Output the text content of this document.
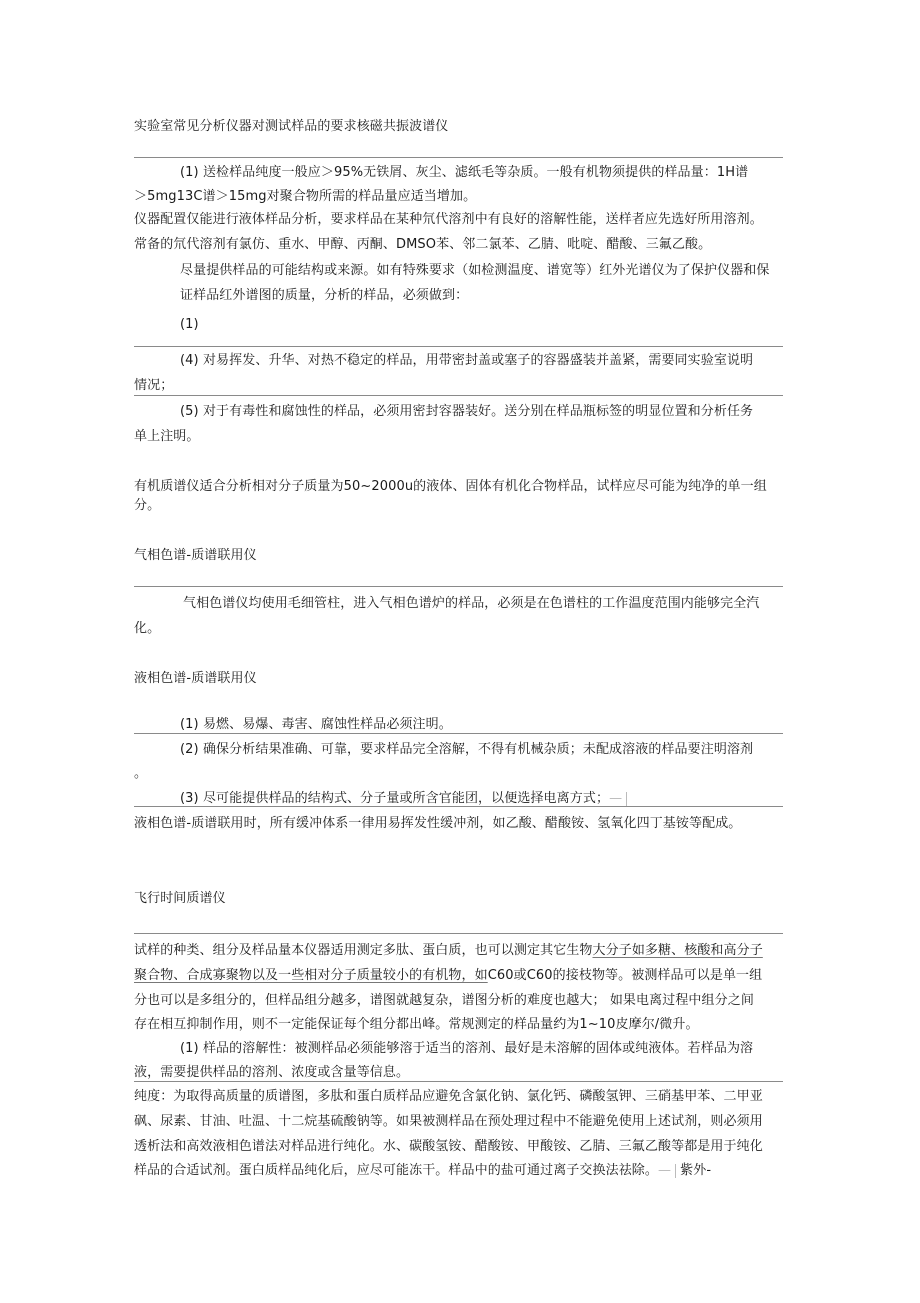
实验室常见分析仪器对测试样品的要求核磁共振波谱仪
(1) 送检样品纯度一般应＞95%无铁屑、灰尘、滤纸毛等杂质。一般有机物须提供的样品量：1H谱
＞5mg13C谱＞15mg对聚合物所需的样品量应适当增加。
仪器配置仅能进行液体样品分析，要求样品在某种氘代溶剂中有良好的溶解性能，送样者应先选好所用溶剂。
常备的氘代溶剂有氯仿、重水、甲醇、丙酮、DMSO苯、邻二氯苯、乙腈、吡啶、醋酸、三氟乙酸。
尽量提供样品的可能结构或来源。如有特殊要求（如检测温度、谱宽等）红外光谱仪为了保护仪器和保
证样品红外谱图的质量，分析的样品，必须做到：
(1)
(4) 对易挥发、升华、对热不稳定的样品，用带密封盖或塞子的容器盛装并盖紧，需要同实验室说明
情况；
(5) 对于有毒性和腐蚀性的样品，必须用密封容器装好。送分别在样品瓶标签的明显位置和分析任务
单上注明。
有机质谱仪适合分析相对分子质量为50~2000u的液体、固体有机化合物样品，试样应尽可能为纯净的单一组
分。
气相色谱-质谱联用仪
气相色谱仪均使用毛细管柱，进入气相色谱炉的样品，必须是在色谱柱的工作温度范围内能够完全汽
化。
液相色谱-质谱联用仪
(1) 易燃、易爆、毒害、腐蚀性样品必须注明。
(2) 确保分析结果准确、可靠，要求样品完全溶解，不得有机械杂质；未配成溶液的样品要注明溶剂
。
(3) 尽可能提供样品的结构式、分子量或所含官能团，以便选择电离方式；—
液相色谱-质谱联用时，所有缓冲体系一律用易挥发性缓冲剂，如乙酸、醋酸铵、氢氧化四丁基铵等配成。
飞行时间质谱仪
试样的种类、组分及样品量本仪器适用测定多肽、蛋白质，也可以测定其它生物大分子如多糖、核酸和高分子
聚合物、合成寡聚物以及一些相对分子质量较小的有机物，如C60或C60的接枝物等。被测样品可以是单一组
分也可以是多组分的，但样品组分越多，谱图就越复杂，谱图分析的难度也越大； 如果电离过程中组分之间
存在相互抑制作用，则不一定能保证每个组分都出峰。常规测定的样品量约为1~10皮摩尔/微升。
(1) 样品的溶解性：被测样品必须能够溶于适当的溶剂、最好是未溶解的固体或纯液体。若样品为溶
液，需要提供样品的溶剂、浓度或含量等信息。
纯度：为取得高质量的质谱图，多肽和蛋白质样品应避免含氯化钠、氯化钙、磷酸氢钾、三硝基甲苯、二甲亚
砜、尿素、甘油、吐温、十二烷基硫酸钠等。如果被测样品在预处理过程中不能避免使用上述试剂，则必须用
透析法和高效液相色谱法对样品进行纯化。水、碳酸氢铵、醋酸铵、甲酸铵、乙腈、三氟乙酸等都是用于纯化
样品的合适试剂。蛋白质样品纯化后，应尽可能冻干。样品中的盐可通过离子交换法祛除。— 紫外-
